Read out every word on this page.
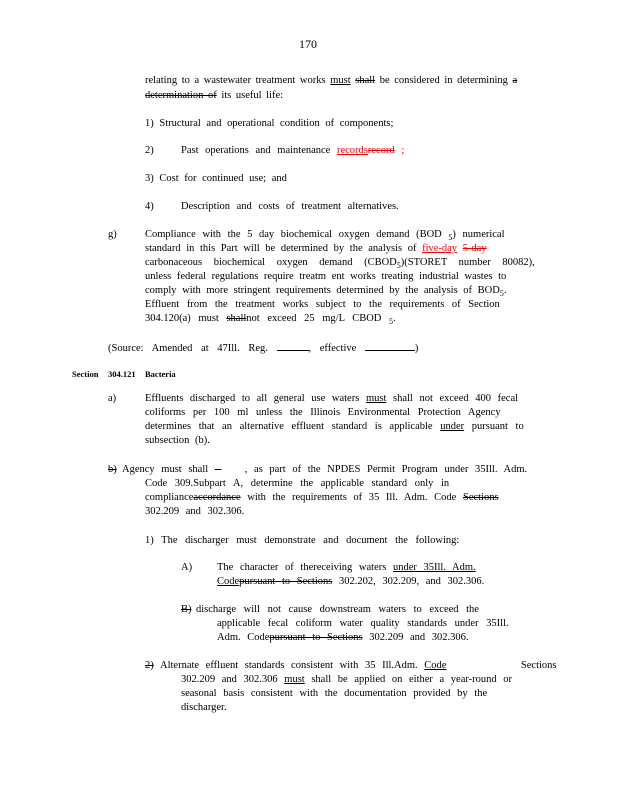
170
relating to a wastewater treatment works must shall be considered in determining a
determination of its useful life:
1) Structural and operational condition of components;
2)	Past operations and maintenance recordsrecord ;
3) Cost for continued use; and
4)	Description and costs of treatment alternatives.
g)	Compliance with the 5 day biochemical oxygen demand (BOD $_5$) numerical
standard in this Part will be determined by the analysis of five-day 5-day
carbonaceous biochemical oxygen demand $(CBOD_5)(STORET$ number 80082),
unless federal regulations require treatm ent works treating industrial wastes to
comply with more stringent requirements determined by the analysis of $BOD_5$.
Effluent from the treatment works subject to the requirements of Section
304.120(a) must shallnot exceed 25 mg/L CBOD $_5$.
(Source: Amended at 47Ill. Reg.	, effective	)
Section 304.121 Bacteria
a)	Effluents discharged to all general use waters must shall not exceed 400 fecal
coliforms per 100 ml unless the Illinois Environmental Protection Agency
determines that an alternative effluent standard is applicable under pursuant to
subsection (b).
b) Agency must shall	, as part of the NPDES Permit Program under 35Ill. Adm.
Code 309.Subpart A, determine the applicable standard only in
complianceaccordance with the requirements of 35 Ill. Adm. Code Sections
302.209 and 302.306.
1) The discharger must demonstrate and document the following:
A) The character of thereceiving waters under 35Ill. Adm.
Codepursuant to Sections 302.202, 302.209, and 302.306.
B) discharge will not cause downstream waters to exceed the
applicable fecal coliform water quality standards under 35Ill.
Adm. Codepursuant to Sections 302.209 and 302.306.
2) Alternate effluent standards consistent with 35 Ill.Adm. Code	Sections
302.209 and 302.306 must shall be applied on either a year-round or
seasonal basis consistent with the documentation provided by the
discharger.
